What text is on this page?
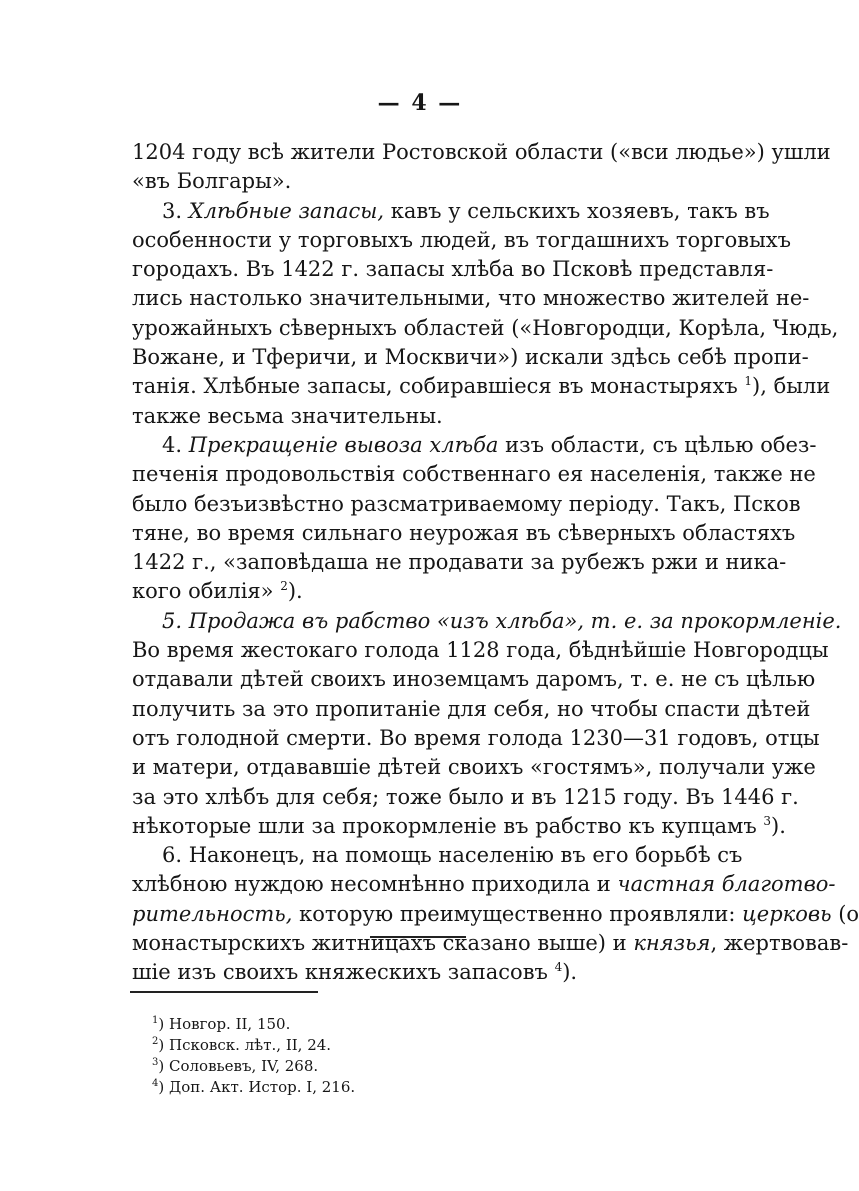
— 4 —
1204 году всѣ жители Ростовской области («вси людье») ушли
«въ Болгары».
3. Хлѣбные запасы, кавъ у сельскихъ хозяевъ, такъ въ
особенности у торговыхъ людей, въ тогдашнихъ торговыхъ
городахъ. Въ 1422 г. запасы хлѣба во Псковѣ представля-
лись настолько значительными, что множество жителей не-
урожайныхъ сѣверныхъ областей («Новгородци, Корѣла, Чюдь,
Вожане, и Тферичи, и Москвичи») искали здѣсь себѣ пропи-
танія. Хлѣбные запасы, собиравшіеся въ монастыряхъ $^1$), были
также весьма значительны.
4. Прекращеніе вывоза хлѣба изъ области, съ цѣлью обез-
печенія продовольствія собственнаго ея населенія, также не
было безъизвѣстно разсматриваемому періоду. Такъ, Псков
тяне, во время сильнаго неурожая въ сѣверныхъ областяхъ
1422 г., «заповѣдаша не продавати за рубежъ ржи и ника-
кого обилія» $^2$).
5. Продажа въ рабство «изъ хлѣба», т. е. за прокормленіе.
Во время жестокаго голода 1128 года, бѣднѣйшіе Новгородцы
отдавали дѣтей своихъ иноземцамъ даромъ, т. е. не съ цѣлью
получить за это пропитаніе для себя, но чтобы спасти дѣтей
отъ голодной смерти. Во время голода 1230—31 годовъ, отцы
и матери, отдававшіе дѣтей своихъ «гостямъ», получали уже
за это хлѣбъ для себя; тоже было и въ 1215 году. Въ 1446 г.
нѣкоторые шли за прокормленіе въ рабство къ купцамъ $^3$).
6. Наконецъ, на помощь населенію въ его борьбѣ съ
хлѣбною нуждою несомнѣнно приходила и частная благотво-
рительность, которую преимущественно проявляли: церковь (о
монастырскихъ житницахъ сказано выше) и князья, жертвовав-
шіе изъ своихъ княжескихъ запасовъ $^4$).
$^1$) Новгор. II, 150.
$^2$) Псковск. лѣт., II, 24.
$^3$) Соловьевъ, IV, 268.
$^4$) Доп. Акт. Истор. I, 216.
